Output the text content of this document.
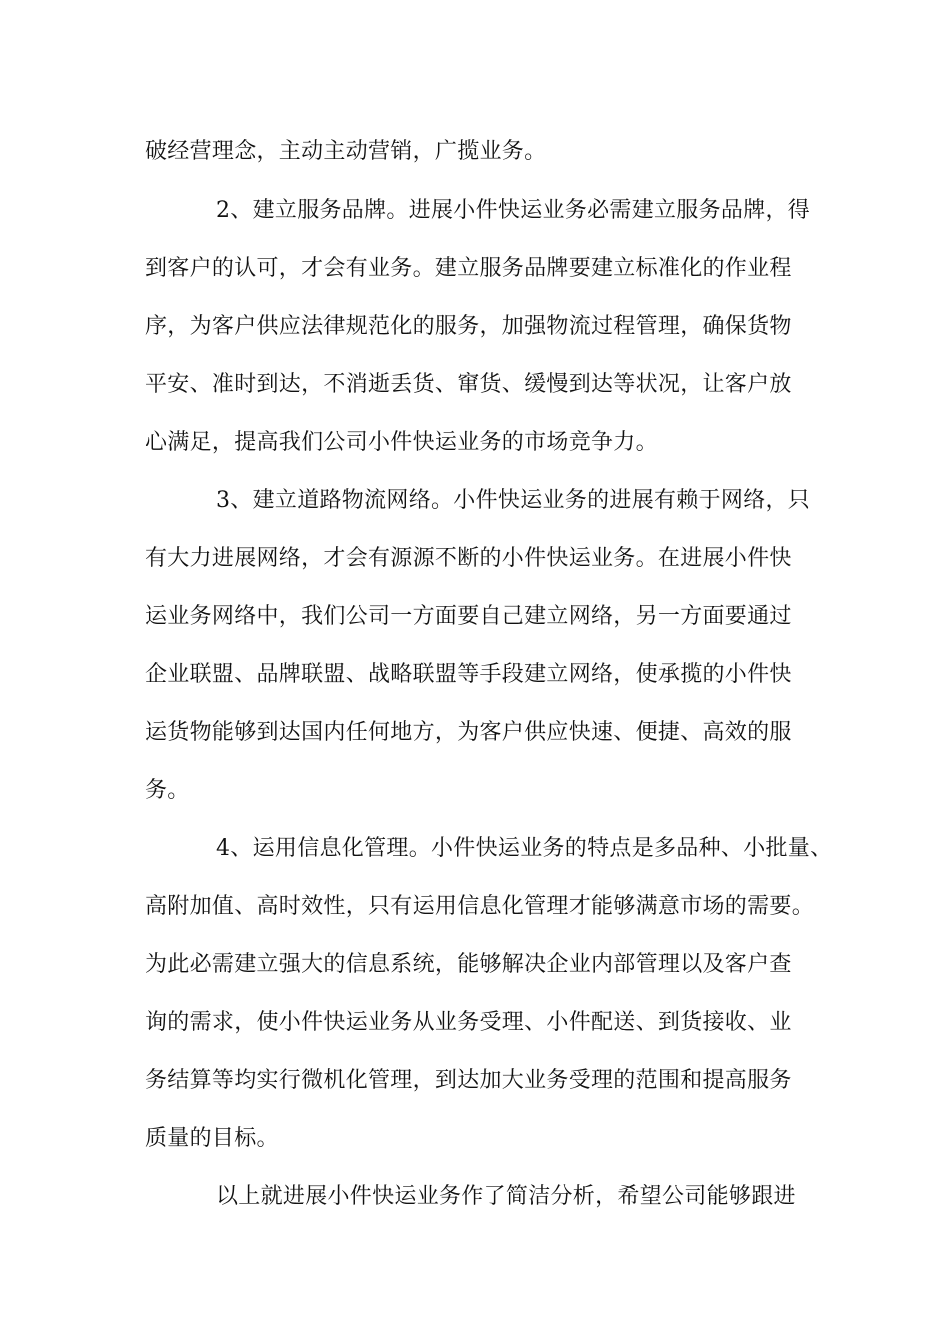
破经营理念，主动主动营销，广揽业务。
2、建立服务品牌。进展小件快运业务必需建立服务品牌，得
到客户的认可，才会有业务。建立服务品牌要建立标准化的作业程
序，为客户供应法律规范化的服务，加强物流过程管理，确保货物
平安、准时到达，不消逝丢货、窜货、缓慢到达等状况，让客户放
心满足，提高我们公司小件快运业务的市场竞争力。
3、建立道路物流网络。小件快运业务的进展有赖于网络，只
有大力进展网络，才会有源源不断的小件快运业务。在进展小件快
运业务网络中，我们公司一方面要自己建立网络，另一方面要通过
企业联盟、品牌联盟、战略联盟等手段建立网络，使承揽的小件快
运货物能够到达国内任何地方，为客户供应快速、便捷、高效的服
务。
4、运用信息化管理。小件快运业务的特点是多品种、小批量、
高附加值、高时效性，只有运用信息化管理才能够满意市场的需要。
为此必需建立强大的信息系统，能够解决企业内部管理以及客户查
询的需求，使小件快运业务从业务受理、小件配送、到货接收、业
务结算等均实行微机化管理，到达加大业务受理的范围和提高服务
质量的目标。
以上就进展小件快运业务作了简洁分析，希望公司能够跟进
